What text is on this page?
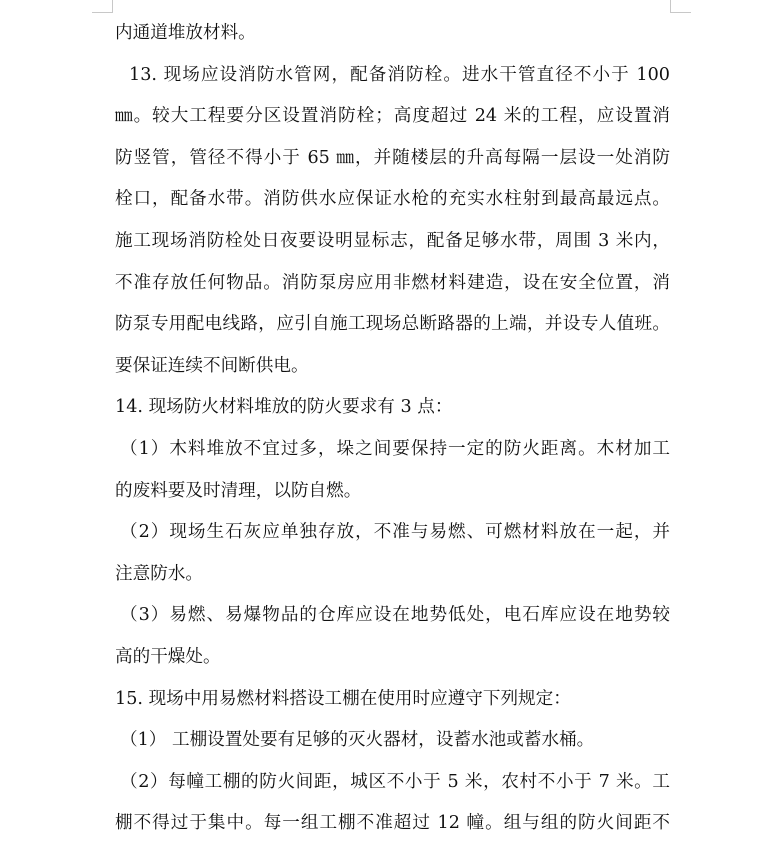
内通道堆放材料。
13. 现场应设消防水管网，配备消防栓。进水干管直径不小于 100
㎜。较大工程要分区设置消防栓；高度超过 24 米的工程，应设置消
防竖管，管径不得小于 65 ㎜，并随楼层的升高每隔一层设一处消防
栓口，配备水带。消防供水应保证水枪的充实水柱射到最高最远点。
施工现场消防栓处日夜要设明显标志，配备足够水带，周围 3 米内，
不准存放任何物品。消防泵房应用非燃材料建造，设在安全位置，消
防泵专用配电线路，应引自施工现场总断路器的上端，并设专人值班。
要保证连续不间断供电。
14. 现场防火材料堆放的防火要求有 3 点：
（1）木料堆放不宜过多，垛之间要保持一定的防火距离。木材加工
的废料要及时清理，以防自燃。
（2）现场生石灰应单独存放，不准与易燃、可燃材料放在一起，并
注意防水。
（3）易燃、易爆物品的仓库应设在地势低处，电石库应设在地势较
高的干燥处。
15. 现场中用易燃材料搭设工棚在使用时应遵守下列规定：
（1） 工棚设置处要有足够的灭火器材，设蓄水池或蓄水桶。
（2）每幢工棚的防火间距，城区不小于 5 米，农村不小于 7 米。工
棚不得过于集中。每一组工棚不准超过 12 幢。组与组的防火间距不
